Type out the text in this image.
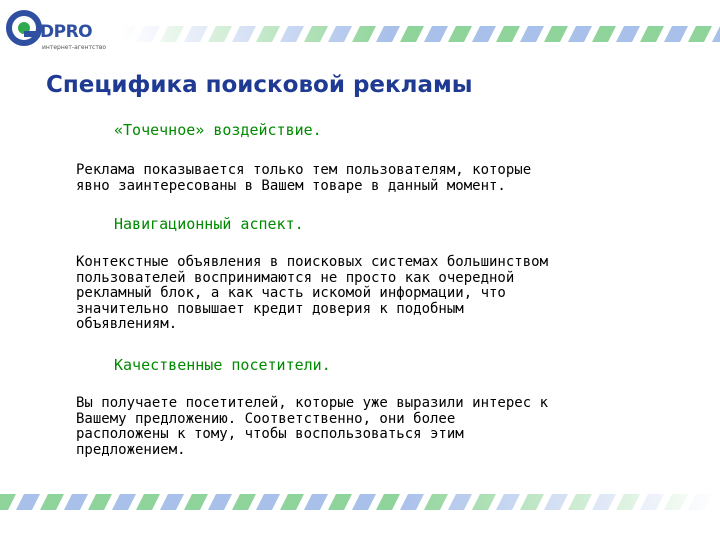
DPRO
интернет-агентство
Специфика поисковой рекламы

«Точечное» воздействие.

Реклама показывается только тем пользователям, которые
явно заинтересованы в Вашем товаре в данный момент.

Навигационный аспект.

Контекстные объявления в поисковых системах большинством
пользователей воспринимаются не просто как очередной
рекламный блок, а как часть искомой информации, что
значительно повышает кредит доверия к подобным
объявлениям.

Качественные посетители.

Вы получаете посетителей, которые уже выразили интерес к
Вашему предложению. Соответственно, они более
расположены к тому, чтобы воспользоваться этим
предложением.
